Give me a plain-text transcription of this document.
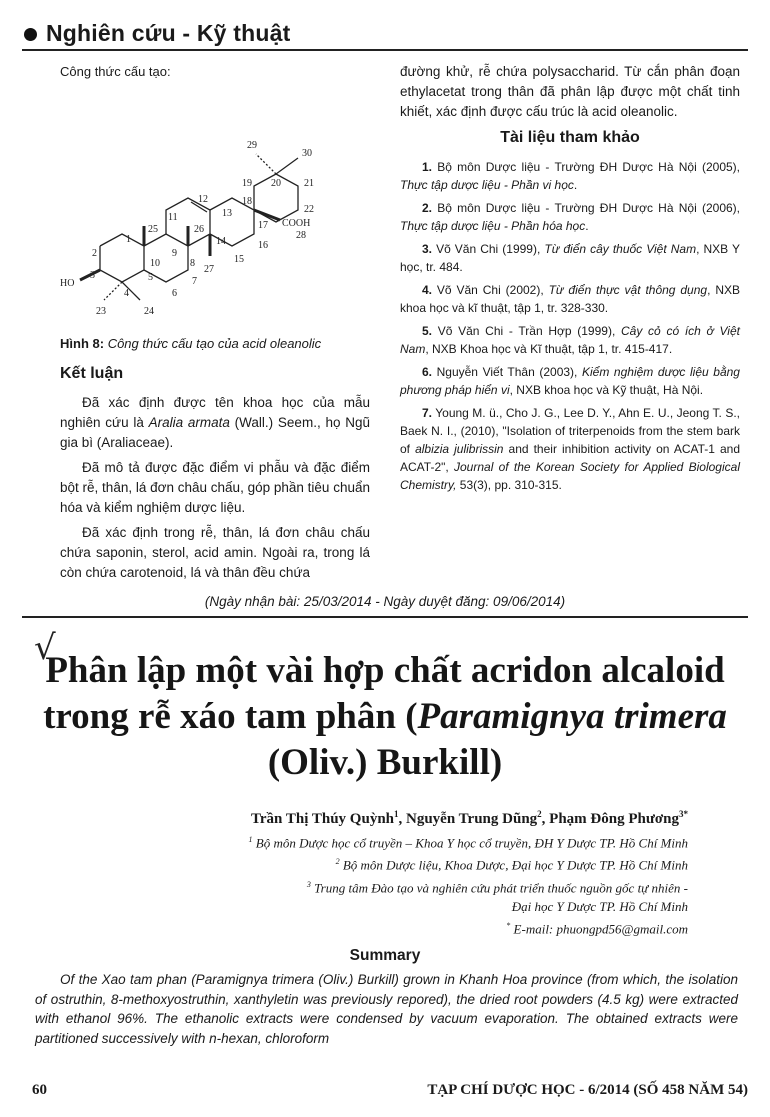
Nghiên cứu - Kỹ thuật
Công thức cấu tạo:
29
30
19 20 21
12	18
22
11	13
25	26	17 COOH
28
1
9
14	16
2
10	8	15
3
27
5	7
HO
4	6
23	24
Hình 8: Công thức cấu tạo của acid oleanolic
Kết luận

Đã xác định được tên khoa học của mẫu nghiên cứu là Aralia armata (Wall.) Seem., họ Ngũ gia bì (Araliaceae).

Đã mô tả được đặc điểm vi phẫu và đặc điểm bột rễ, thân, lá đơn châu chấu, góp phần tiêu chuẩn hóa và kiểm nghiệm dược liệu.

Đã xác định trong rễ, thân, lá đơn châu chấu chứa saponin, sterol, acid amin. Ngoài ra, trong lá còn chứa carotenoid, lá và thân đều chứa

đường khử, rễ chứa polysaccharid. Từ cắn phân đoạn ethylacetat trong thân đã phân lập được một chất tinh khiết, xác định được cấu trúc là acid oleanolic.

Tài liệu tham khảo

1. Bộ môn Dược liệu - Trường ĐH Dược Hà Nội (2005), Thực tập dược liệu - Phần vi học.

2. Bộ môn Dược liệu - Trường ĐH Dược Hà Nội (2006), Thực tập dược liệu - Phần hóa học.

3. Võ Văn Chi (1999), Từ điển cây thuốc Việt Nam, NXB Y học, tr. 484.

4. Võ Văn Chi (2002), Từ điển thực vật thông dụng, NXB khoa học và kĩ thuật, tập 1, tr. 328-330.

5. Võ Văn Chi - Trần Hợp (1999), Cây cỏ có ích ở Việt Nam, NXB Khoa học và Kĩ thuật, tập 1, tr. 415-417.

6. Nguyễn Viết Thân (2003), Kiểm nghiệm dược liệu bằng phương pháp hiển vi, NXB khoa học và Kỹ thuật, Hà Nội.

7. Young M. ü., Cho J. G., Lee D. Y., Ahn E. U., Jeong T. S., Baek N. I., (2010), "Isolation of triterpenoids from the stem bark of albizia julibrissin and their inhibition activity on ACAT-1 and ACAT-2", Journal of the Korean Society for Applied Biological Chemistry, 53(3), pp. 310-315.

(Ngày nhận bài: 25/03/2014 - Ngày duyệt đăng: 09/06/2014)
√
Phân lập một vài hợp chất acridon alcaloid
trong rễ xáo tam phân (Paramignya trimera
(Oliv.) Burkill)
Trần Thị Thúy Quỳnh$^1$, Nguyễn Trung Dũng$^2$, Phạm Đông Phương$^{3*}$
$^1$ Bộ môn Dược học cổ truyền – Khoa Y học cổ truyền, ĐH Y Dược TP. Hồ Chí Minh
$^2$ Bộ môn Dược liệu, Khoa Dược, Đại học Y Dược TP. Hồ Chí Minh
$^3$ Trung tâm Đào tạo và nghiên cứu phát triển thuốc nguồn gốc tự nhiên -
Đại học Y Dược TP. Hồ Chí Minh
* E-mail: phuongpd56@gmail.com
Summary

Of the Xao tam phan (Paramignya trimera (Oliv.) Burkill) grown in Khanh Hoa province (from which, the isolation of ostruthin, 8-methoxyostruthin, xanthyletin was previously repored), the dried root powders (4.5 kg) were extracted with ethanol 96%. The ethanolic extracts were condensed by vacuum evaporation. The obtained extracts were partitioned successively with n-hexan, chloroform

60	TẠP CHÍ DƯỢC HỌC - 6/2014 (SỐ 458 NĂM 54)
